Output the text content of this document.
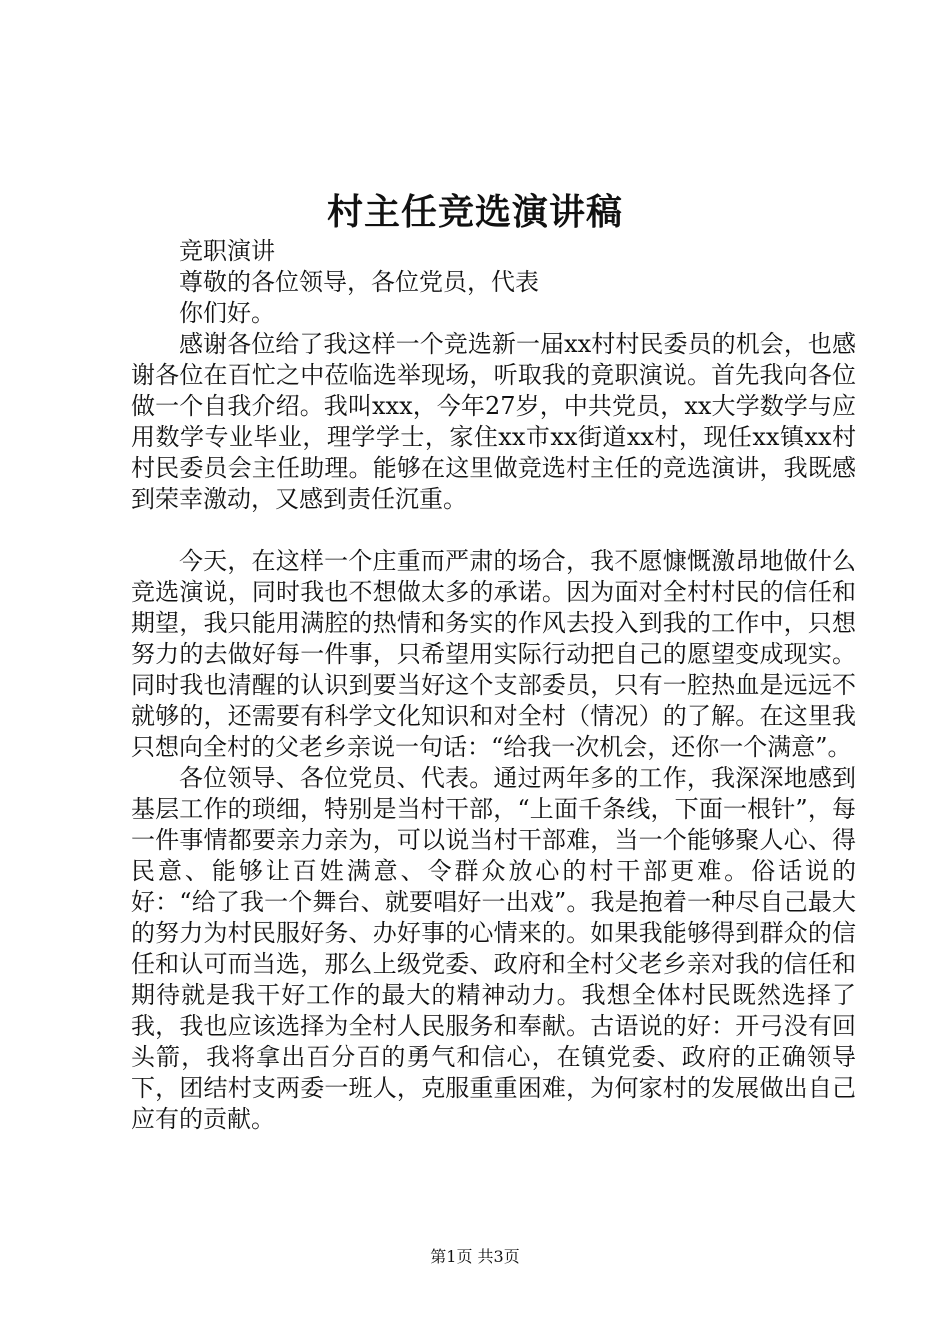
村主任竞选演讲稿

竞职演讲

尊敬的各位领导，各位党员，代表

你们好。

感谢各位给了我这样一个竞选新一届xx村村民委员的机会，也感谢各位在百忙之中莅临选举现场，听取我的竟职演说。首先我向各位做一个自我介绍。我叫xxx，今年27岁，中共党员，xx大学数学与应用数学专业毕业，理学学士，家住xx市xx街道xx村，现任xx镇xx村村民委员会主任助理。能够在这里做竞选村主任的竞选演讲，我既感到荣幸激动，又感到责任沉重。

今天，在这样一个庄重而严肃的场合，我不愿慷慨激昂地做什么竞选演说，同时我也不想做太多的承诺。因为面对全村村民的信任和期望，我只能用满腔的热情和务实的作风去投入到我的工作中，只想努力的去做好每一件事，只希望用实际行动把自己的愿望变成现实。同时我也清醒的认识到要当好这个支部委员，只有一腔热血是远远不就够的，还需要有科学文化知识和对全村（情况）的了解。在这里我只想向全村的父老乡亲说一句话：“给我一次机会，还你一个满意”。

各位领导、各位党员、代表。通过两年多的工作，我深深地感到基层工作的琐细，特别是当村干部，“上面千条线，下面一根针”，每一件事情都要亲力亲为，可以说当村干部难，当一个能够聚人心、得民意、能够让百姓满意、令群众放心的村干部更难。俗话说的好：“给了我一个舞台、就要唱好一出戏”。我是抱着一种尽自己最大的努力为村民服好务、办好事的心情来的。如果我能够得到群众的信任和认可而当选，那么上级党委、政府和全村父老乡亲对我的信任和期待就是我干好工作的最大的精神动力。我想全体村民既然选择了我，我也应该选择为全村人民服务和奉献。古语说的好：开弓没有回头箭，我将拿出百分百的勇气和信心，在镇党委、政府的正确领导下，团结村支两委一班人，克服重重困难，为何家村的发展做出自己应有的贡献。

第1页 共3页
